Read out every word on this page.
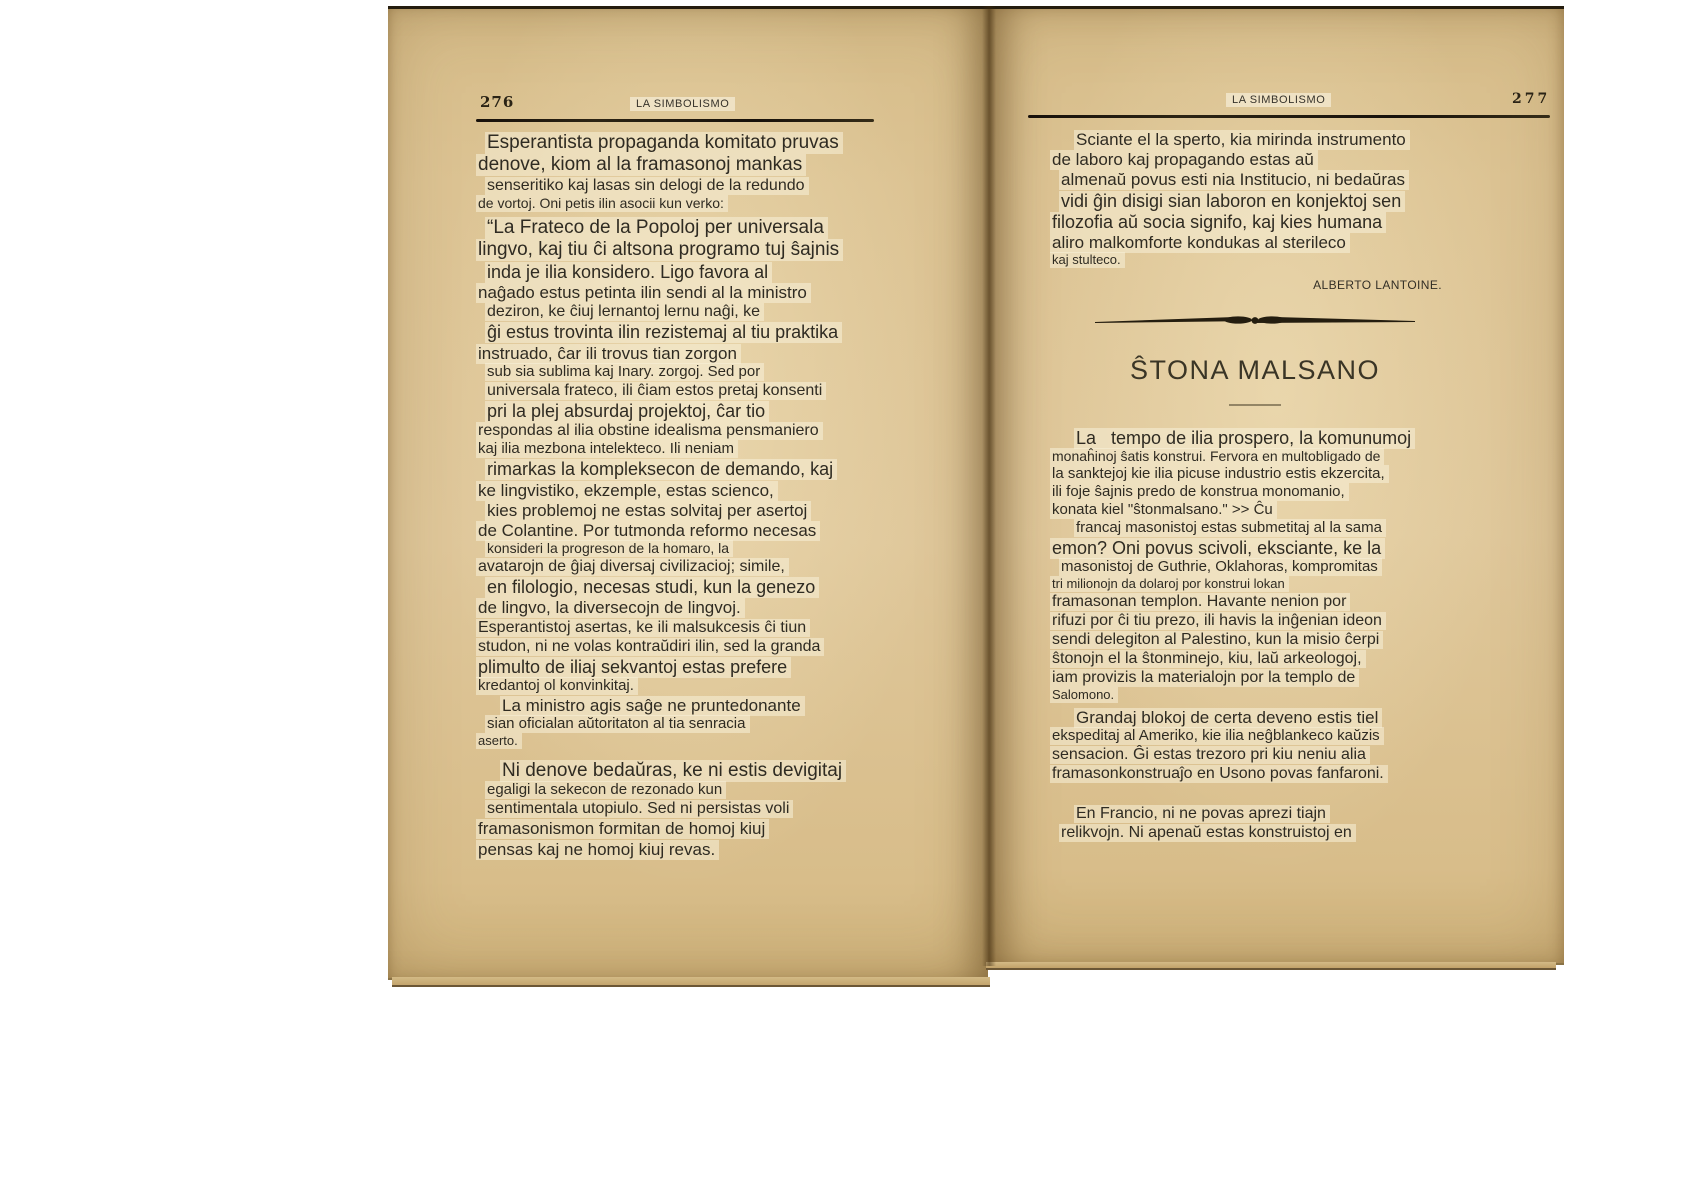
276	LA SIMBOLISMO
Esperantista propaganda komitato pruvas
denove, kiom al la framasonoj mankas
senseritiko kaj lasas sin delogi de la redundo
de vortoj. Oni petis ilin asocii kun verko:
“La Frateco de la Popoloj per universala
lingvo, kaj tiu ĉi altsona programo tuj ŝajnis
inda je ilia konsidero. Ligo favora al
naĝado estus petinta ilin sendi al la ministro
deziron, ke ĉiuj lernantoj lernu naĝi, ke
ĝi estus trovinta ilin rezistemaj al tiu praktika
instruado, ĉar ili trovus tian zorgon
sub sia sublima kaj Inary. zorgoj. Sed por
universala frateco, ili ĉiam estos pretaj konsenti
pri la plej absurdaj projektoj, ĉar tio
respondas al ilia obstine idealisma pensmaniero
kaj ilia mezbona intelekteco. Ili neniam
rimarkas la kompleksecon de demando, kaj
ke lingvistiko, ekzemple, estas scienco,
kies problemoj ne estas solvitaj per asertoj
de Colantine. Por tutmonda reformo necesas
konsideri la progreson de la homaro, la
avatarojn de ĝiaj diversaj civilizacioj; simile,
en filologio, necesas studi, kun la genezo
de lingvo, la diversecojn de lingvoj.
Esperantistoj asertas, ke ili malsukcesis ĉi tiun
studon, ni ne volas kontraŭdiri ilin, sed la granda
plimulto de iliaj sekvantoj estas prefere
kredantoj ol konvinkitaj.
La ministro agis saĝe ne pruntedonante
sian oficialan aŭtoritaton al tia senracia
aserto.
Ni denove bedaŭras, ke ni estis devigitaj
egaligi la sekecon de rezonado kun
sentimentala utopiulo. Sed ni persistas voli
framasonismon formitan de homoj kiuj
pensas kaj ne homoj kiuj revas.
LA SIMBOLISMO	277
Sciante el la sperto, kia mirinda instrumento
de laboro kaj propagando estas aŭ
almenaŭ povus esti nia Institucio, ni bedaŭras
vidi ĝin disigi sian laboron en konjektoj sen
filozofia aŭ socia signifo, kaj kies humana
aliro malkomforte kondukas al sterileco
kaj stulteco.
ALBERTO LANTOINE.
ŜTONA MALSANO
La   tempo de ilia prospero, la komunumoj
monaĥinoj ŝatis konstrui. Fervora en multobligado de
la sanktejoj kie ilia picuse industrio estis ekzercita,
ili foje ŝajnis predo de konstrua monomanio,
konata kiel "ŝtonmalsano." >> Ĉu
francaj masonistoj estas submetitaj al la sama
emon? Oni povus scivoli, eksciante, ke la
masonistoj de Guthrie, Oklahoras, kompromitas
tri milionojn da dolaroj por konstrui lokan
framasonan templon. Havante nenion por
rifuzi por ĉi tiu prezo, ili havis la inĝenian ideon
sendi delegiton al Palestino, kun la misio ĉerpi
ŝtonojn el la ŝtonminejo, kiu, laŭ arkeologoj,
iam provizis la materialojn por la templo de
Salomono.
Grandaj blokoj de certa deveno estis tiel
ekspeditaj al Ameriko, kie ilia neĝblankeco kaŭzis
sensacion. Ĝi estas trezoro pri kiu neniu alia
framasonkonstruaĵo en Usono povas fanfaroni.
En Francio, ni ne povas aprezi tiajn
relikvojn. Ni apenaŭ estas konstruistoj en
